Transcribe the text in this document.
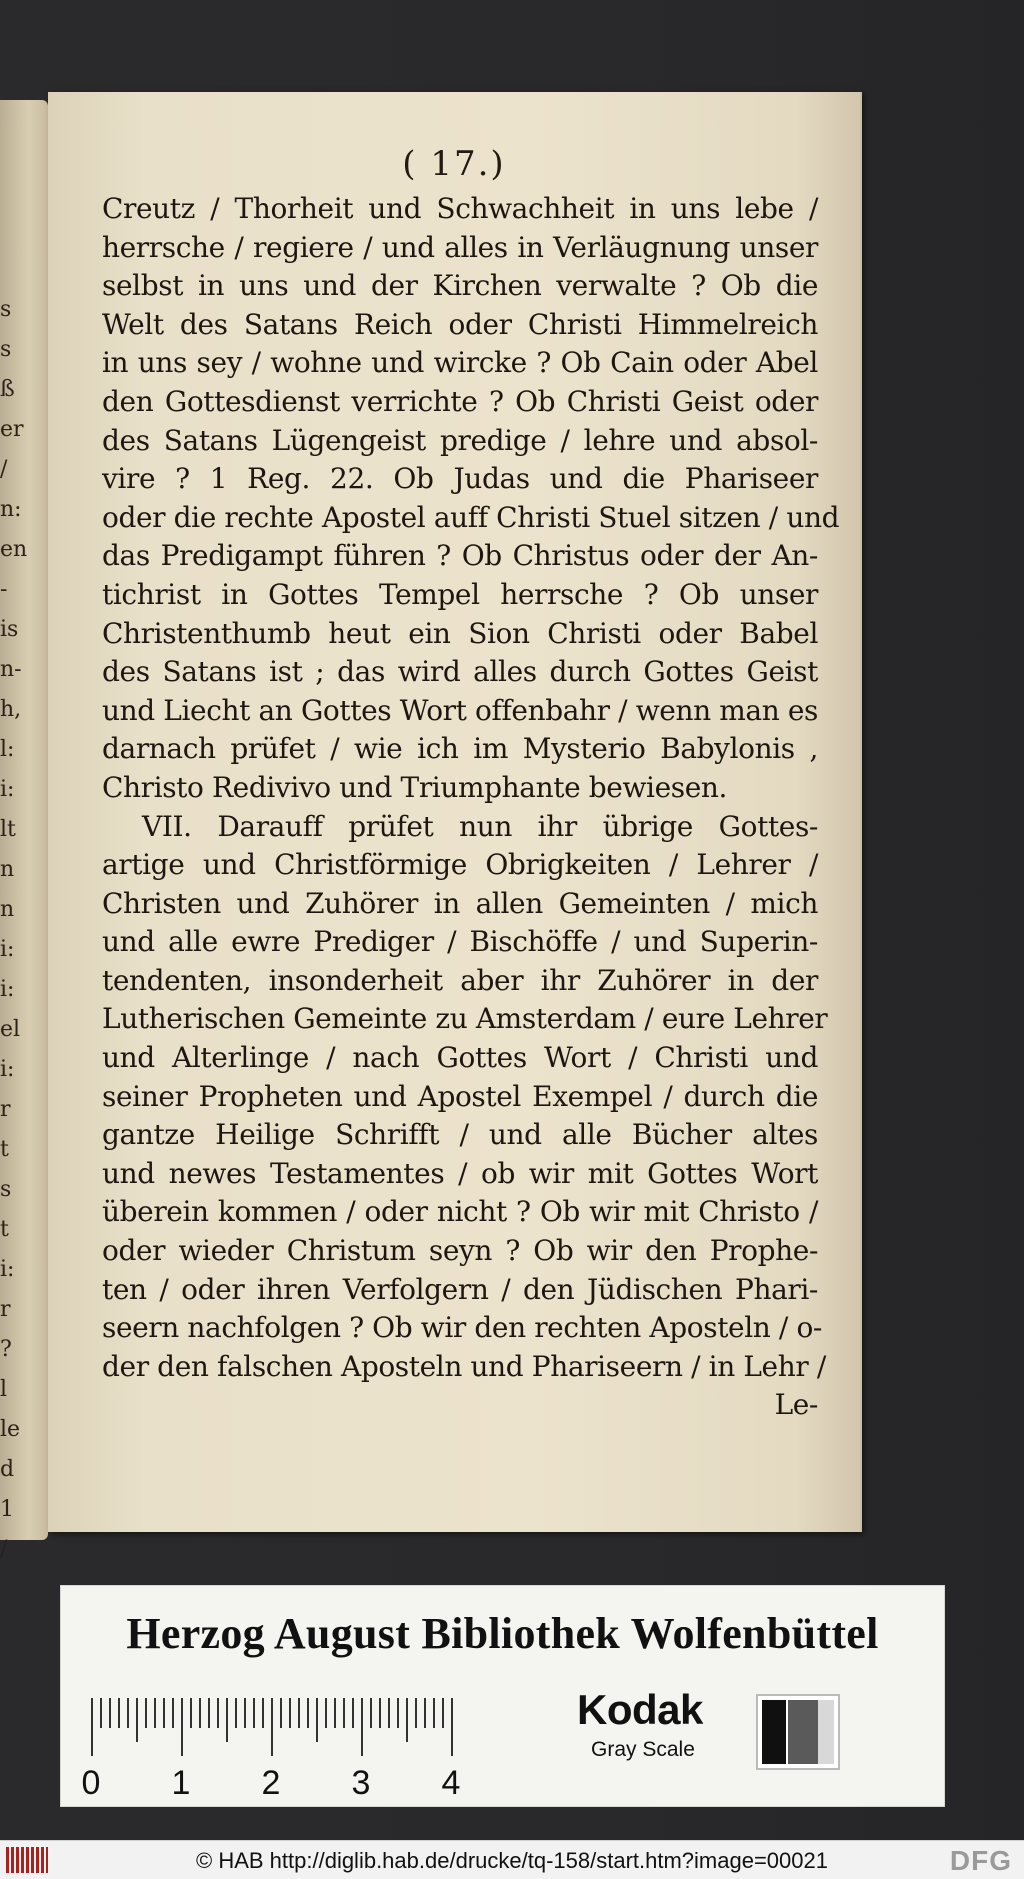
s
s
ß
er
/
n:
en
-
is
n-
h,
l:
i:
lt
n
n
i:
i:
el
i:
r
t
s
t
i:
r
?
l
le
d
1
/
( 17.)
Creutz / Thorheit und Schwachheit in uns lebe /
herrsche / regiere / und alles in Verläugnung unser
selbst in uns und der Kirchen verwalte ? Ob die
Welt des Satans Reich oder Christi Himmelreich
in uns sey / wohne und wircke ? Ob Cain oder Abel
den Gottesdienst verrichte ? Ob Christi Geist oder
des Satans Lügengeist predige / lehre und absol-
vire ? 1 Reg. 22. Ob Judas und die Phariseer
oder die rechte Apostel auff Christi Stuel sitzen / und
das Predigampt führen ? Ob Christus oder der An-
tichrist in Gottes Tempel herrsche ? Ob unser
Christenthumb heut ein Sion Christi oder Babel
des Satans ist ; das wird alles durch Gottes Geist
und Liecht an Gottes Wort offenbahr / wenn man es
darnach prüfet / wie ich im Mysterio Babylonis ,
Christo Redivivo und Triumphante bewiesen.
VII. Darauff prüfet nun ihr übrige Gottes-
artige und Christförmige Obrigkeiten / Lehrer /
Christen und Zuhörer in allen Gemeinten / mich
und alle ewre Prediger / Bischöffe / und Superin-
tendenten, insonderheit aber ihr Zuhörer in der
Lutherischen Gemeinte zu Amsterdam / eure Lehrer
und Alterlinge / nach Gottes Wort / Christi und
seiner Propheten und Apostel Exempel / durch die
gantze Heilige Schrifft / und alle Bücher altes
und newes Testamentes / ob wir mit Gottes Wort
überein kommen / oder nicht ? Ob wir mit Christo /
oder wieder Christum seyn ? Ob wir den Prophe-
ten / oder ihren Verfolgern / den Jüdischen Phari-
seern nachfolgen ? Ob wir den rechten Aposteln / o-
der den falschen Aposteln und Phariseern / in Lehr /
Le-
Herzog August Bibliothek Wolfenbüttel
0 1 2 3 4
Kodak
Gray Scale
© HAB http://diglib.hab.de/drucke/tq-158/start.htm?image=00021	DFG
